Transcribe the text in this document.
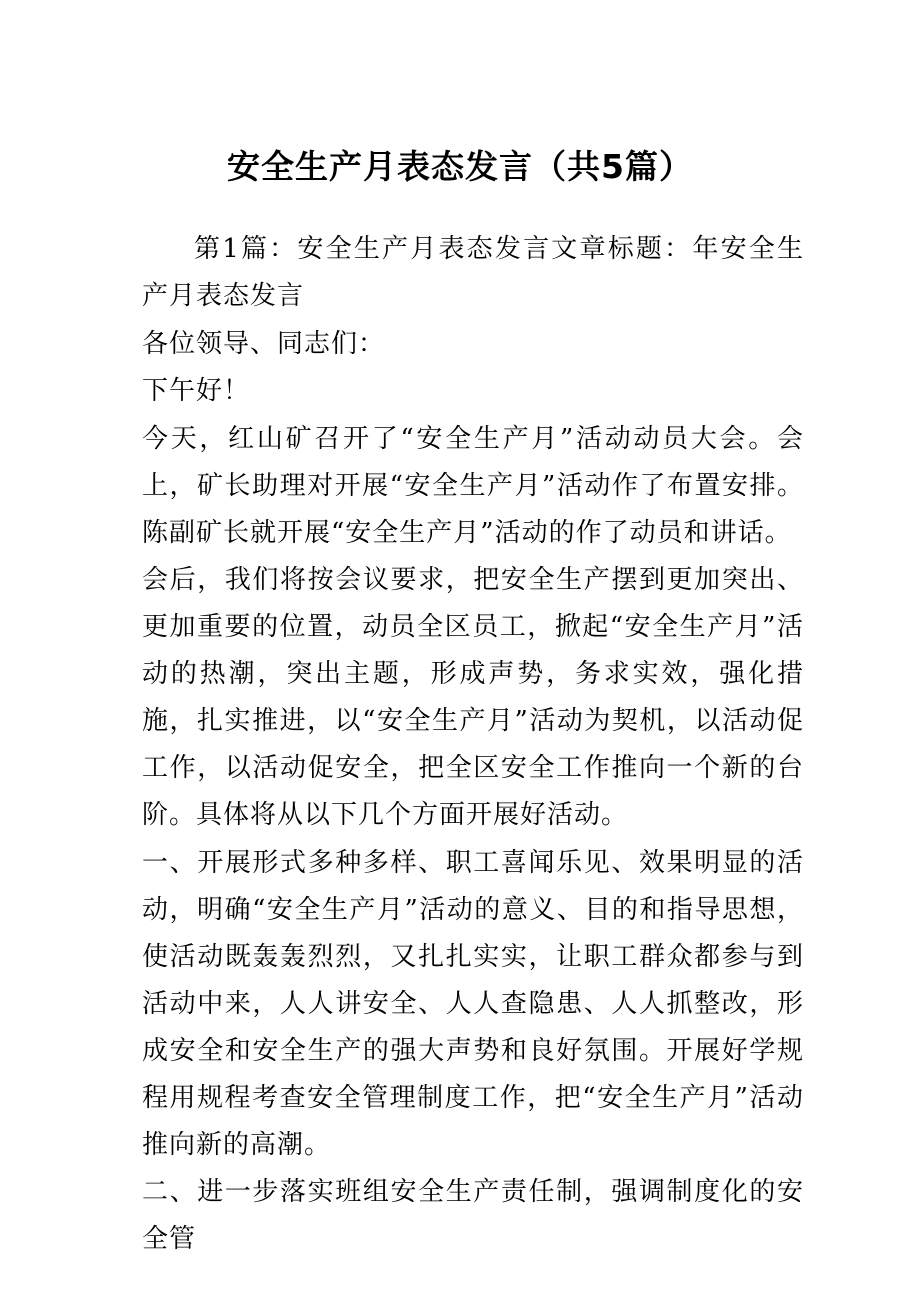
安全生产月表态发言（共5篇）

第1篇：安全生产月表态发言文章标题：年安全生产月表态发言

各位领导、同志们：

下午好！

今天，红山矿召开了“安全生产月”活动动员大会。会上，矿长助理对开展“安全生产月”活动作了布置安排。陈副矿长就开展“安全生产月”活动的作了动员和讲话。

会后，我们将按会议要求，把安全生产摆到更加突出、更加重要的位置，动员全区员工，掀起“安全生产月”活动的热潮，突出主题，形成声势，务求实效，强化措施，扎实推进，以“安全生产月”活动为契机，以活动促工作，以活动促安全，把全区安全工作推向一个新的台阶。具体将从以下几个方面开展好活动。

一、开展形式多种多样、职工喜闻乐见、效果明显的活动，明确“安全生产月”活动的意义、目的和指导思想，使活动既轰轰烈烈，又扎扎实实，让职工群众都参与到活动中来，人人讲安全、人人查隐患、人人抓整改，形成安全和安全生产的强大声势和良好氛围。开展好学规程用规程考查安全管理制度工作，把“安全生产月”活动推向新的高潮。

二、进一步落实班组安全生产责任制，强调制度化的安全管
